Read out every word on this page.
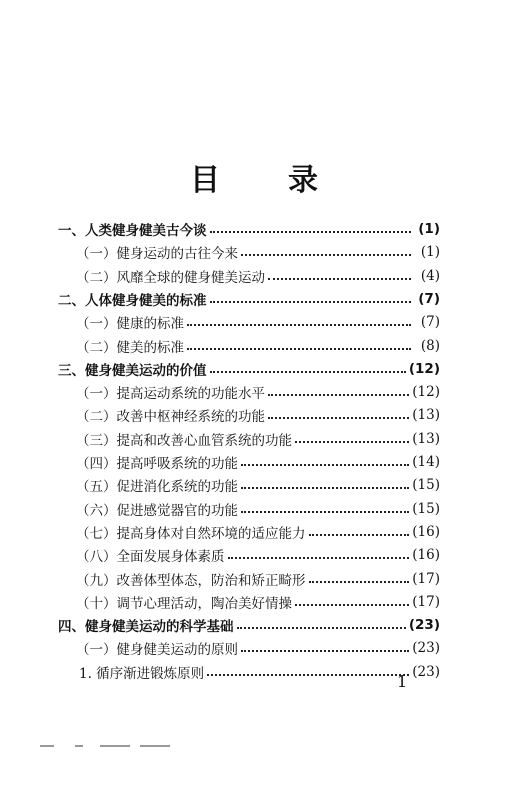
目 录
一、人类健身健美古今谈	(1)
（一）健身运动的古往今来	(1)
（二）风靡全球的健身健美运动	(4)
二、人体健身健美的标准	(7)
（一）健康的标准	(7)
（二）健美的标准	(8)
三、健身健美运动的价值	(12)
（一）提高运动系统的功能水平	(12)
（二）改善中枢神经系统的功能	(13)
（三）提高和改善心血管系统的功能	(13)
（四）提高呼吸系统的功能	(14)
（五）促进消化系统的功能	(15)
（六）促进感觉器官的功能	(15)
（七）提高身体对自然环境的适应能力	(16)
（八）全面发展身体素质	(16)
（九）改善体型体态，防治和矫正畸形	(17)
（十）调节心理活动，陶冶美好情操	(17)
四、健身健美运动的科学基础	(23)
（一）健身健美运动的原则	(23)
1. 循序渐进锻炼原则	(23)
1
